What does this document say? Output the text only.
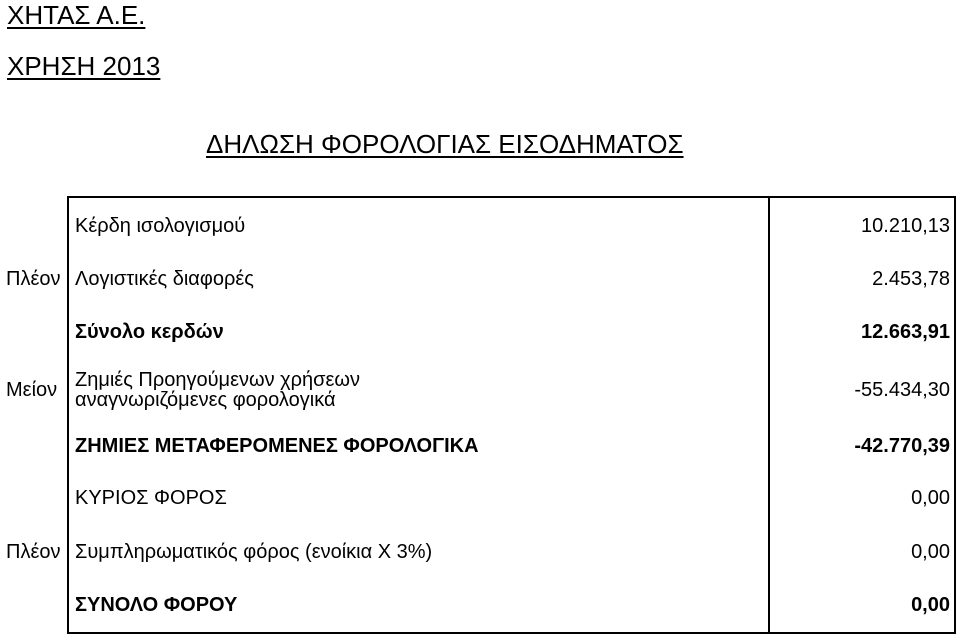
ΧΗΤΑΣ Α.Ε.
ΧΡΗΣΗ 2013
ΔΗΛΩΣΗ ΦΟΡΟΛΟΓΙΑΣ ΕΙΣΟΔΗΜΑΤΟΣ
	Κέρδη ισολογισμού	10.210,13
Πλέον	Λογιστικές διαφορές	2.453,78
	Σύνολο κερδών	12.663,91
Μείον	Ζημιές Προηγούμενων χρήσεων
αναγνωριζόμενες φορολογικά	-55.434,30
	ΖΗΜΙΕΣ ΜΕΤΑΦΕΡΟΜΕΝΕΣ ΦΟΡΟΛΟΓΙΚΑ	-42.770,39
	ΚΥΡΙΟΣ ΦΟΡΟΣ	0,00
Πλέον	Συμπληρωματικός φόρος (ενοίκια Χ 3%)	0,00
	ΣΥΝΟΛΟ ΦΟΡΟΥ	0,00
